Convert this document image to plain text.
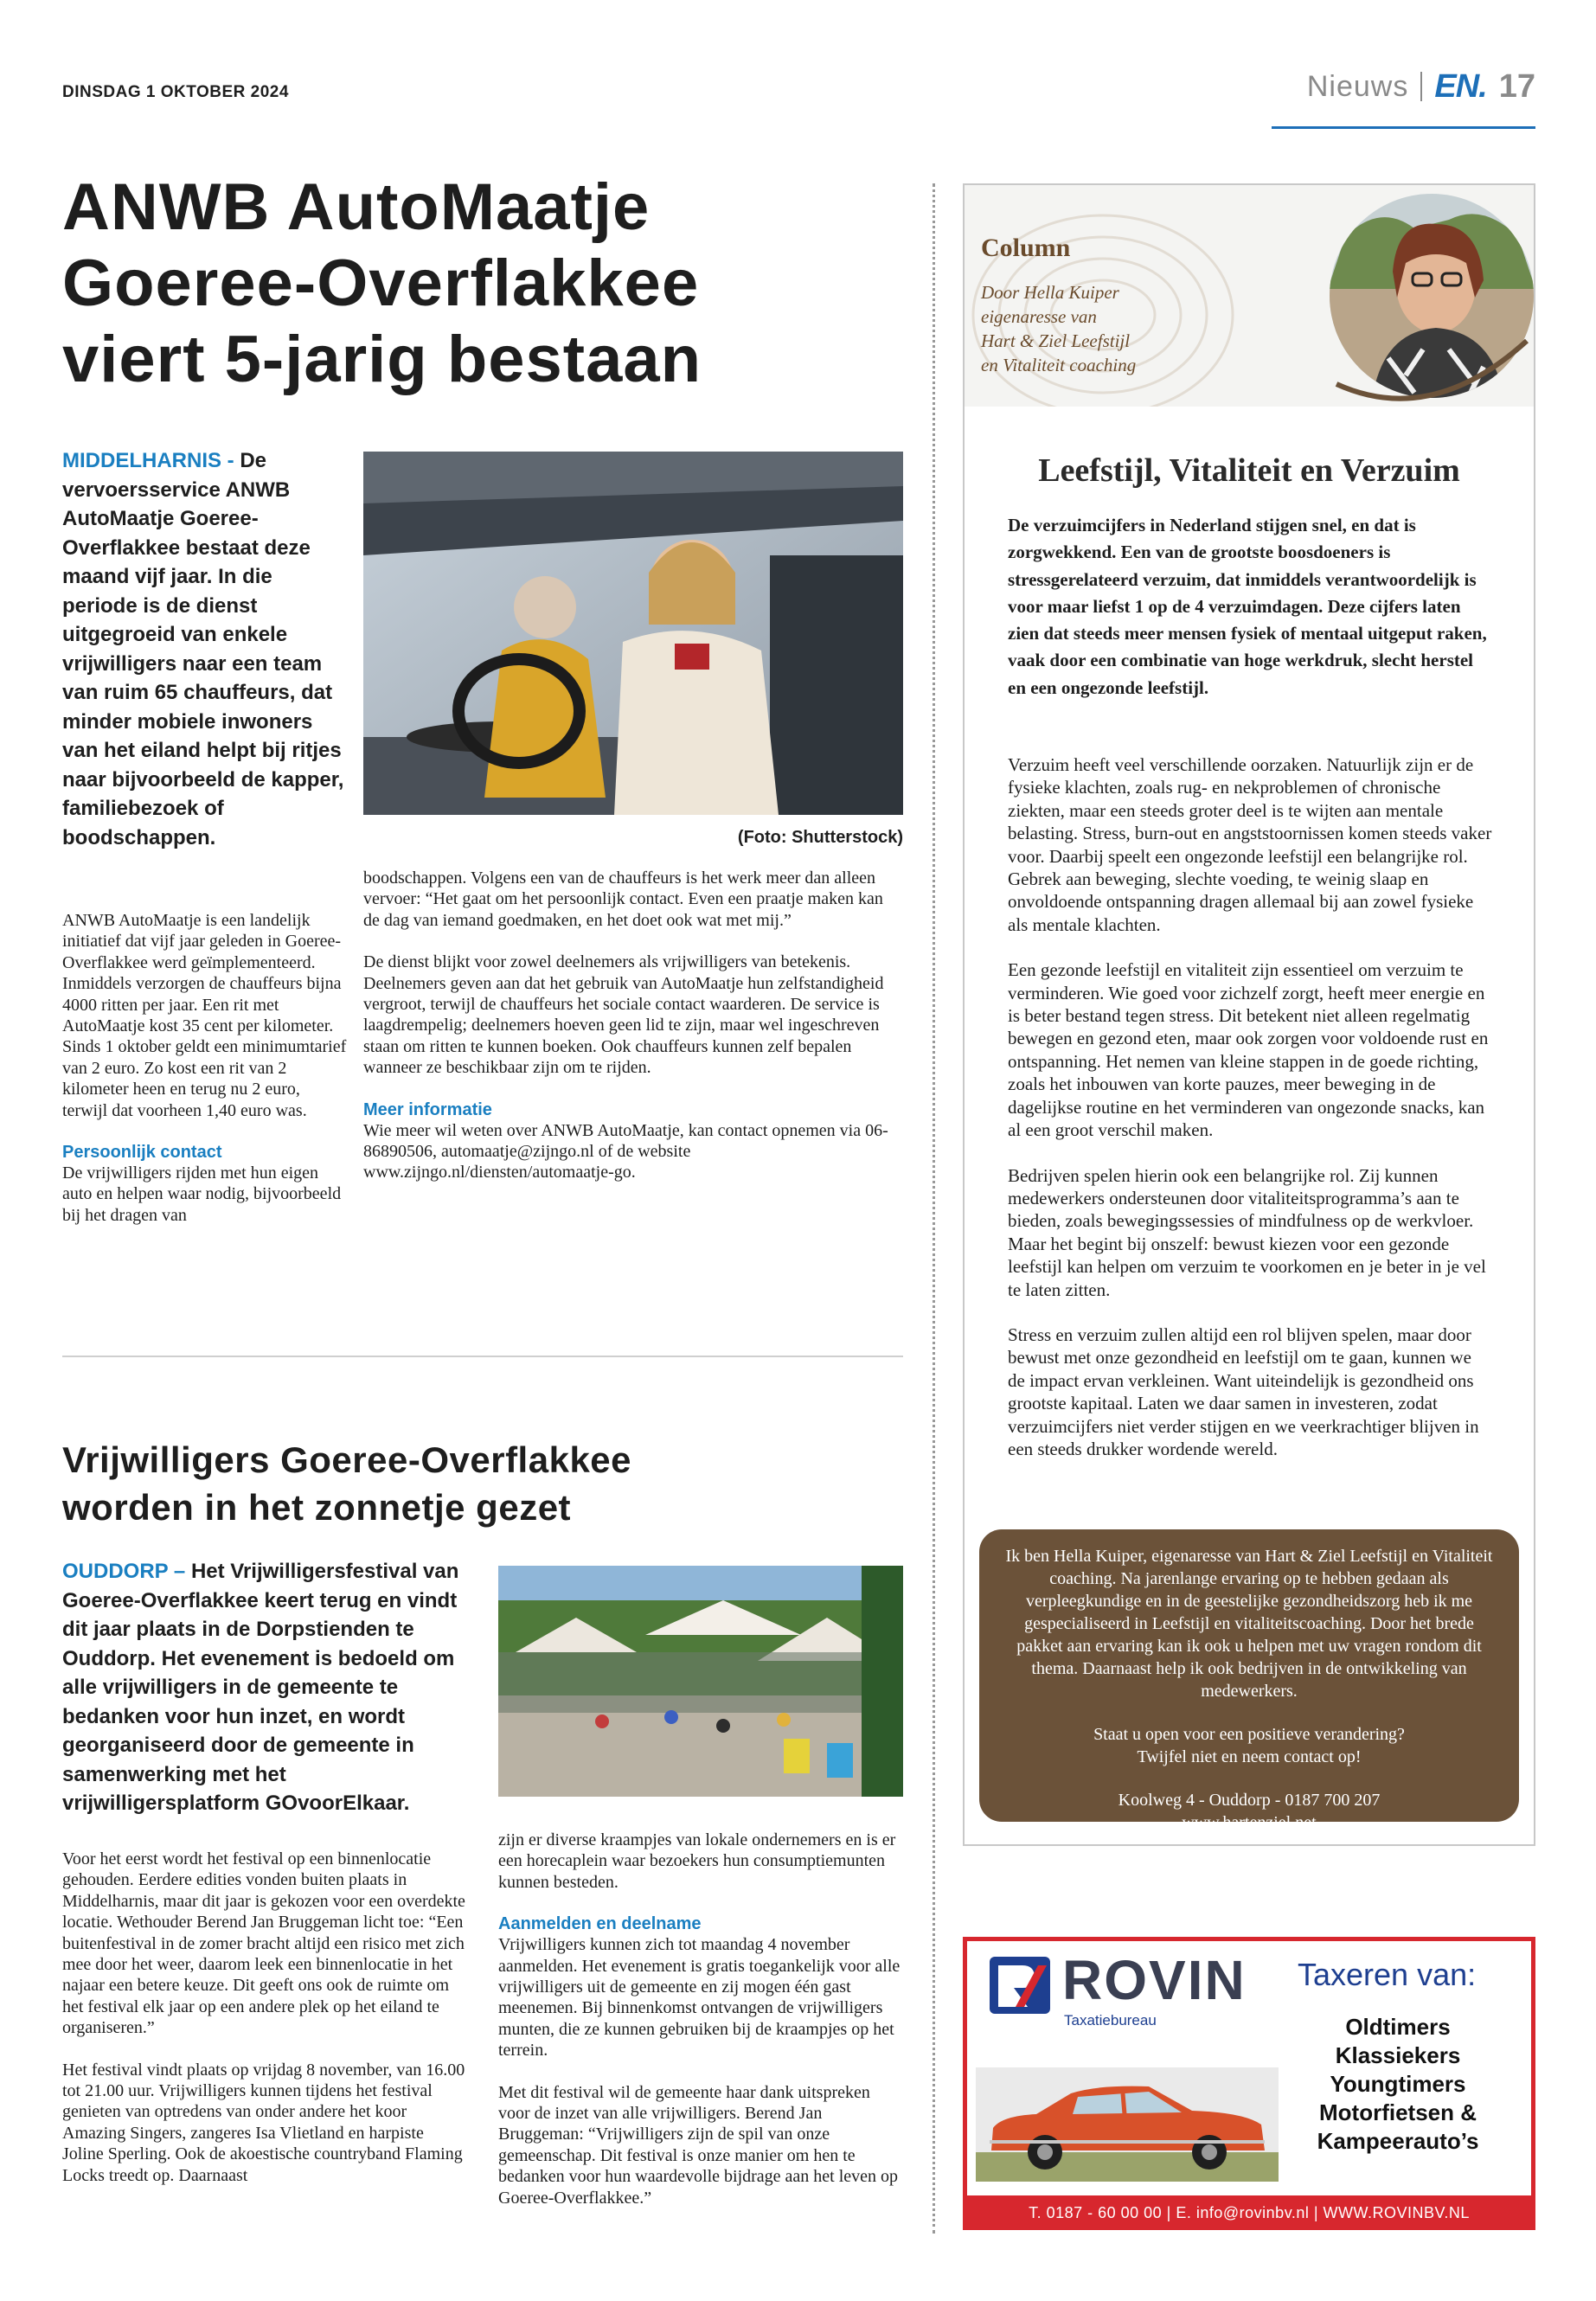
DINSDAG 1 OKTOBER 2024	Nieuws EN. 17
ANWB AutoMaatje
Goeree-Overflakkee
viert 5-jarig bestaan
MIDDELHARNIS - De vervoersservice ANWB AutoMaatje Goeree-Overflakkee bestaat deze maand vijf jaar. In die periode is de dienst uitgegroeid van enkele vrijwilligers naar een team van ruim 65 chauffeurs, dat minder mobiele inwoners van het eiland helpt bij ritjes naar bijvoorbeeld de kapper, familiebezoek of boodschappen.

ANWB AutoMaatje is een landelijk initiatief dat vijf jaar geleden in Goeree-Overflakkee werd geïmplementeerd. Inmiddels verzorgen de chauffeurs bijna 4000 ritten per jaar. Een rit met AutoMaatje kost 35 cent per kilometer. Sinds 1 oktober geldt een minimumtarief van 2 euro. Zo kost een rit van 2 kilometer heen en terug nu 2 euro, terwijl dat voorheen 1,40 euro was.

Persoonlijk contact

De vrijwilligers rijden met hun eigen auto en helpen waar nodig, bijvoorbeeld bij het dragen van

(Foto: Shutterstock)

boodschappen. Volgens een van de chauffeurs is het werk meer dan alleen vervoer: “Het gaat om het persoonlijk contact. Even een praatje maken kan de dag van iemand goedmaken, en het doet ook wat met mij.”

De dienst blijkt voor zowel deelnemers als vrijwilligers van betekenis. Deelnemers geven aan dat het gebruik van AutoMaatje hun zelfstandigheid vergroot, terwijl de chauffeurs het sociale contact waarderen. De service is laagdrempelig; deelnemers hoeven geen lid te zijn, maar wel ingeschreven staan om ritten te kunnen boeken. Ook chauffeurs kunnen zelf bepalen wanneer ze beschikbaar zijn om te rijden.

Meer informatie

Wie meer wil weten over ANWB AutoMaatje, kan contact opnemen via 06-86890506, automaatje@zijngo.nl of de website www.zijngo.nl/diensten/automaatje-go.

Vrijwilligers Goeree-Overflakkee
worden in het zonnetje gezet
OUDDORP – Het Vrijwilligersfestival van Goeree-Overflakkee keert terug en vindt dit jaar plaats in de Dorpstienden te Ouddorp. Het evenement is bedoeld om alle vrijwilligers in de gemeente te bedanken voor hun inzet, en wordt georganiseerd door de gemeente in samenwerking met het vrijwilligersplatform GOvoorElkaar.

Voor het eerst wordt het festival op een binnenlocatie gehouden. Eerdere edities vonden buiten plaats in Middelharnis, maar dit jaar is gekozen voor een overdekte locatie. Wethouder Berend Jan Bruggeman licht toe: “Een buitenfestival in de zomer bracht altijd een risico met zich mee door het weer, daarom leek een binnenlocatie in het najaar een betere keuze. Dit geeft ons ook de ruimte om het festival elk jaar op een andere plek op het eiland te organiseren.”

Het festival vindt plaats op vrijdag 8 november, van 16.00 tot 21.00 uur. Vrijwilligers kunnen tijdens het festival genieten van optredens van onder andere het koor Amazing Singers, zangeres Isa Vlietland en harpiste Joline Sperling. Ook de akoestische countryband Flaming Locks treedt op. Daarnaast

zijn er diverse kraampjes van lokale ondernemers en is er een horecaplein waar bezoekers hun consumptiemunten kunnen besteden.

Aanmelden en deelname

Vrijwilligers kunnen zich tot maandag 4 november aanmelden. Het evenement is gratis toegankelijk voor alle vrijwilligers uit de gemeente en zij mogen één gast meenemen. Bij binnenkomst ontvangen de vrijwilligers munten, die ze kunnen gebruiken bij de kraampjes op het terrein.

Met dit festival wil de gemeente haar dank uitspreken voor de inzet van alle vrijwilligers. Berend Jan Bruggeman: “Vrijwilligers zijn de spil van onze gemeenschap. Dit festival is onze manier om hen te bedanken voor hun waardevolle bijdrage aan het leven op Goeree-Overflakkee.”

Column
Door Hella Kuiper
eigenaresse van
Hart & Ziel Leefstijl
en Vitaliteit coaching
Leefstijl, Vitaliteit en Verzuim

De verzuimcijfers in Nederland stijgen snel, en dat is zorgwekkend. Een van de grootste boosdoeners is stressgerelateerd verzuim, dat inmiddels verantwoordelijk is voor maar liefst 1 op de 4 verzuimdagen. Deze cijfers laten zien dat steeds meer mensen fysiek of mentaal uitgeput raken, vaak door een combinatie van hoge werkdruk, slecht herstel en een ongezonde leefstijl.

Verzuim heeft veel verschillende oorzaken. Natuurlijk zijn er de fysieke klachten, zoals rug- en nekproblemen of chronische ziekten, maar een steeds groter deel is te wijten aan mentale belasting. Stress, burn-out en angststoornissen komen steeds vaker voor. Daarbij speelt een ongezonde leefstijl een belangrijke rol. Gebrek aan beweging, slechte voeding, te weinig slaap en onvoldoende ontspanning dragen allemaal bij aan zowel fysieke als mentale klachten.

Een gezonde leefstijl en vitaliteit zijn essentieel om verzuim te verminderen. Wie goed voor zichzelf zorgt, heeft meer energie en is beter bestand tegen stress. Dit betekent niet alleen regelmatig bewegen en gezond eten, maar ook zorgen voor voldoende rust en ontspanning. Het nemen van kleine stappen in de goede richting, zoals het inbouwen van korte pauzes, meer beweging in de dagelijkse routine en het verminderen van ongezonde snacks, kan al een groot verschil maken.

Bedrijven spelen hierin ook een belangrijke rol. Zij kunnen medewerkers ondersteunen door vitaliteitsprogramma’s aan te bieden, zoals bewegingssessies of mindfulness op de werkvloer. Maar het begint bij onszelf: bewust kiezen voor een gezonde leefstijl kan helpen om verzuim te voorkomen en je beter in je vel te laten zitten.

Stress en verzuim zullen altijd een rol blijven spelen, maar door bewust met onze gezondheid en leefstijl om te gaan, kunnen we de impact ervan verkleinen. Want uiteindelijk is gezondheid ons grootste kapitaal. Laten we daar samen in investeren, zodat verzuimcijfers niet verder stijgen en we veerkrachtiger blijven in een steeds drukker wordende wereld.

Ik ben Hella Kuiper, eigenaresse van Hart & Ziel Leefstijl en Vitaliteit coaching. Na jarenlange ervaring op te hebben gedaan als verpleegkundige en in de geestelijke gezondheidszorg heb ik me gespecialiseerd in Leefstijl en vitaliteitscoaching. Door het brede pakket aan ervaring kan ik ook u helpen met uw vragen rondom dit thema. Daarnaast help ik ook bedrijven in de ontwikkeling van medewerkers.

Staat u open voor een positieve verandering?

Twijfel niet en neem contact op!

Koolweg 4 - Ouddorp - 0187 700 207

www.hartenziel.net

ROVIN
Taxatiebureau
Taxeren van:
Oldtimers
Klassiekers
Youngtimers
Motorfietsen &
Kampeerauto’s
T. 0187 - 60 00 00 | E. info@rovinbv.nl | WWW.ROVINBV.NL
